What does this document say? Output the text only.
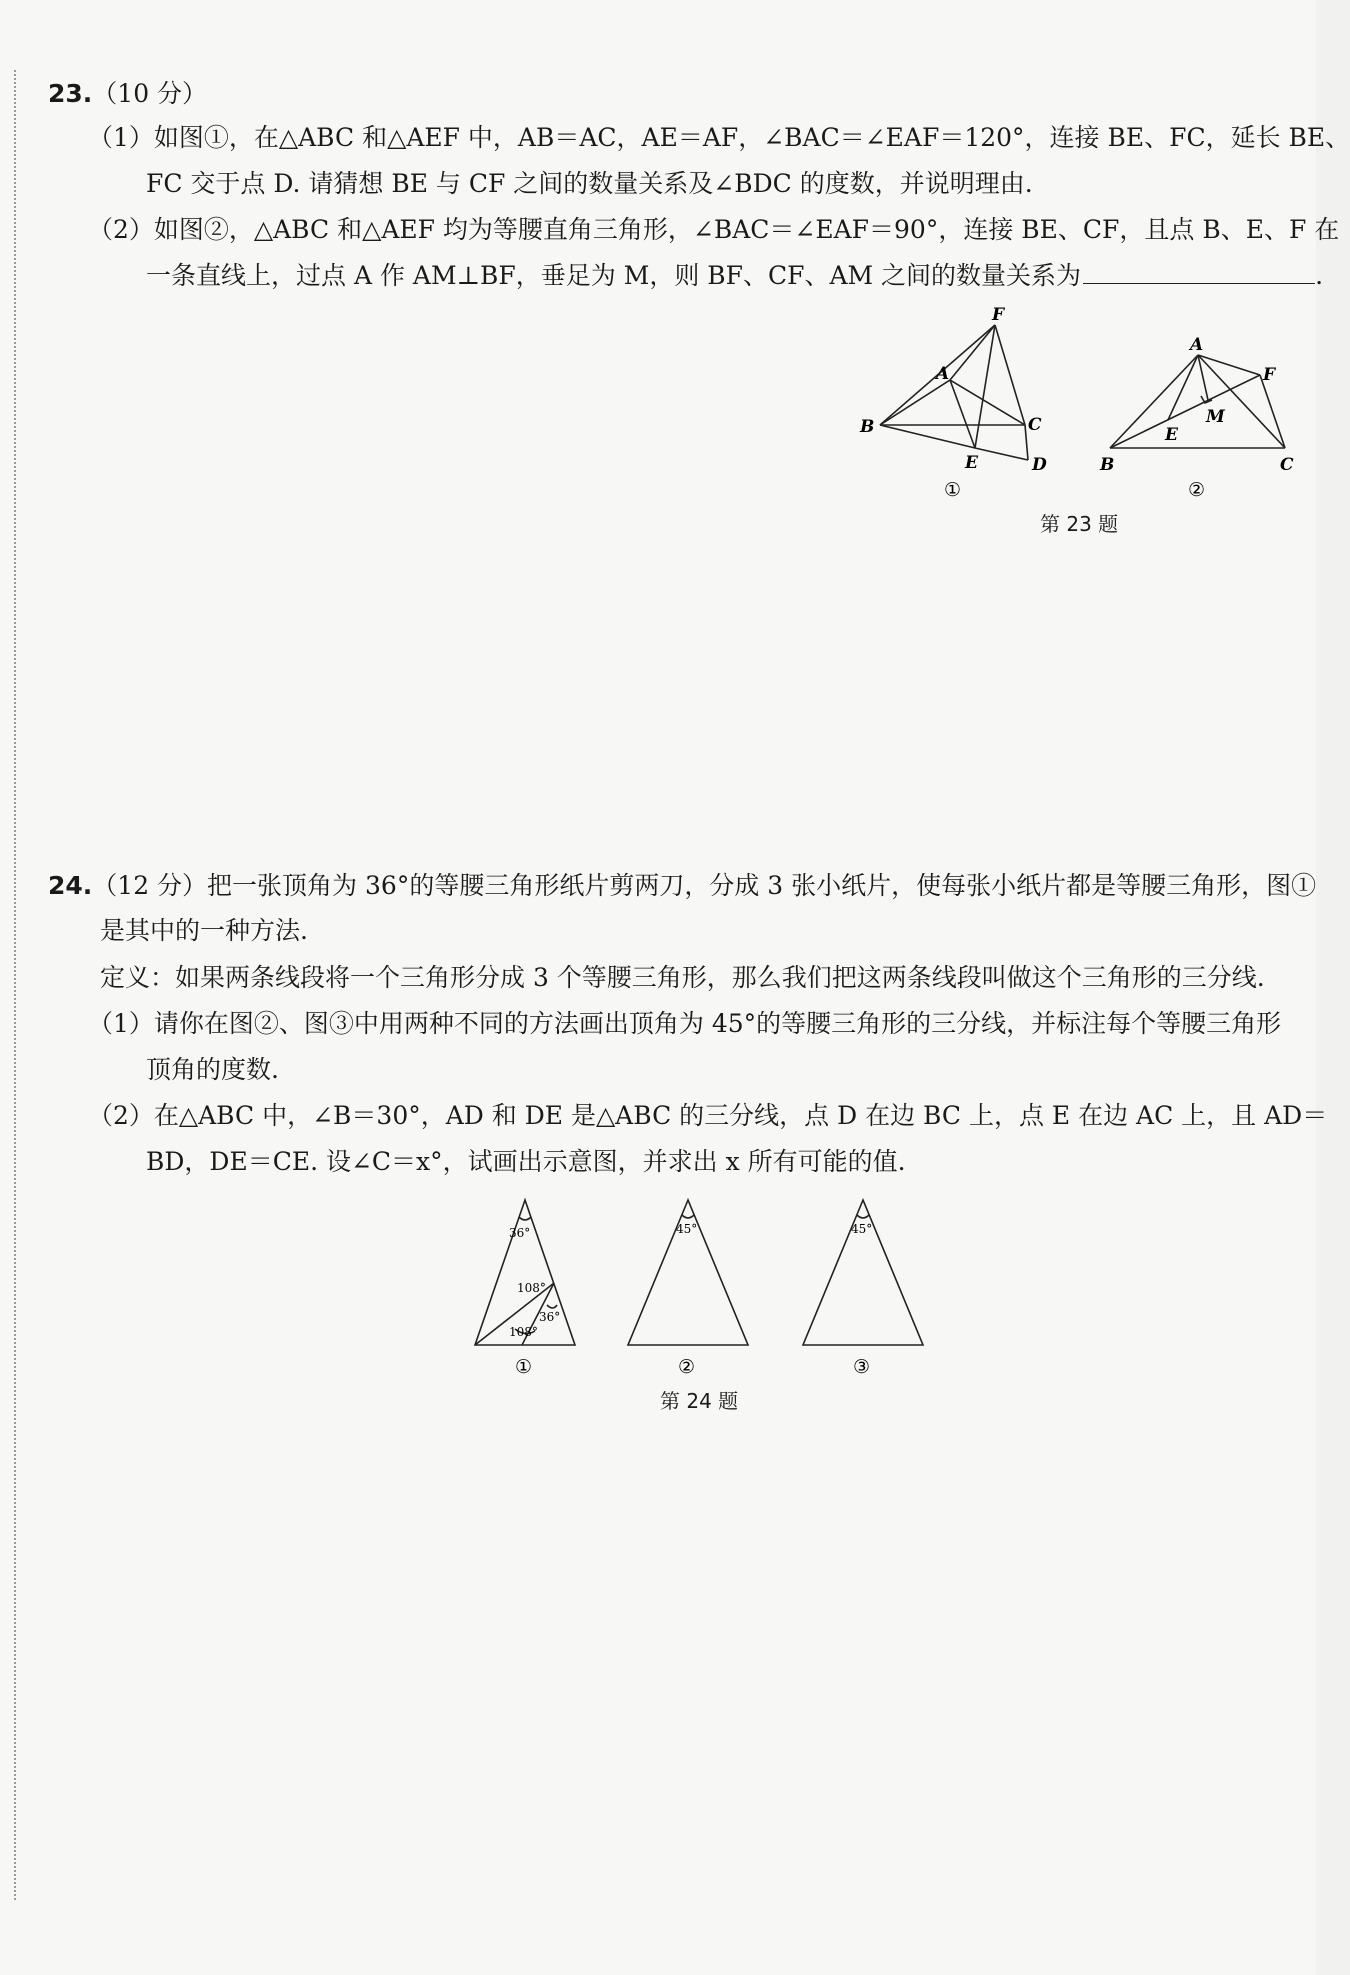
23.（10 分）
（1）如图①，在△ABC 和△AEF 中，AB＝AC，AE＝AF，∠BAC＝∠EAF＝120°，连接 BE、FC，延长 BE、
FC 交于点 D. 请猜想 BE 与 CF 之间的数量关系及∠BDC 的度数，并说明理由.
（2）如图②，△ABC 和△AEF 均为等腰直角三角形，∠BAC＝∠EAF＝90°，连接 BE、CF，且点 B、E、F 在
一条直线上，过点 A 作 AM⊥BF，垂足为 M，则 BF、CF、AM 之间的数量关系为	.
F
A
B	C
E	D
①
A
F
M
E
B	C
②
第 23 题
24.（12 分）把一张顶角为 36°的等腰三角形纸片剪两刀，分成 3 张小纸片，使每张小纸片都是等腰三角形，图①
是其中的一种方法.
定义：如果两条线段将一个三角形分成 3 个等腰三角形，那么我们把这两条线段叫做这个三角形的三分线.
（1）请你在图②、图③中用两种不同的方法画出顶角为 45°的等腰三角形的三分线，并标注每个等腰三角形
顶角的度数.
（2）在△ABC 中，∠B＝30°，AD 和 DE 是△ABC 的三分线，点 D 在边 BC 上，点 E 在边 AC 上，且 AD＝
BD，DE＝CE. 设∠C＝x°，试画出示意图，并求出 x 所有可能的值.
36°
108°
36°
108°
①
45°
②
45°
③
第 24 题
